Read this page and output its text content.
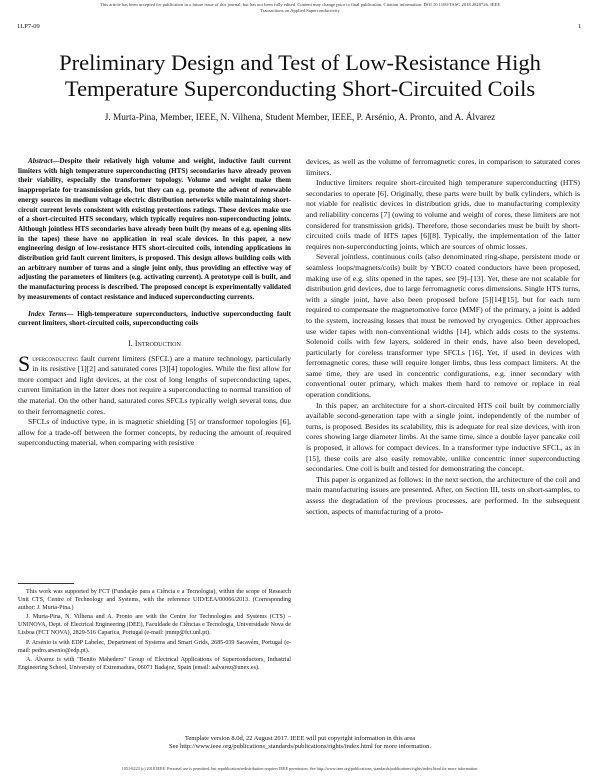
This article has been accepted for publication in a future issue of this journal, but has not been fully edited. Content may change prior to final publication. Citation information: DOI 10.1109/TASC.2018.2820726, IEEE
Transactions on Applied Superconductivity
1LP7-09	1
Preliminary Design and Test of Low-Resistance High
Temperature Superconducting Short-Circuited Coils
J. Murta-Pina, Member, IEEE, N. Vilhena, Student Member, IEEE, P. Arsénio, A. Pronto, and A. Álvarez

Abstract—Despite their relatively high volume and weight, inductive fault current limiters with high temperature superconducting (HTS) secondaries have already proven their viability, especially the transformer topology. Volume and weight make them inappropriate for transmission grids, but they can e.g. promote the advent of renewable energy sources in medium voltage electric distribution networks while maintaining short-circuit current levels consistent with existing protections ratings. These devices make use of a short-circuited HTS secondary, which typically requires non-superconducting joints. Although jointless HTS secondaries have already been built (by means of e.g. opening slits in the tapes) these have no application in real scale devices. In this paper, a new engineering design of low-resistance HTS short-circuited coils, intending applications in distribution grid fault current limiters, is proposed. This design allows building coils with an arbitrary number of turns and a single joint only, thus providing an effective way of adjusting the parameters of limiters (e.g. activating current). A prototype coil is built, and the manufacturing process is described. The proposed concept is experimentally validated by measurements of contact resistance and induced superconducting currents.

Index Terms— High-temperature superconductors, inductive superconducting fault current limiters, short-circuited coils, superconducting coils

I. Introduction

Superconducting fault current limiters (SFCL) are a mature technology, particularly in its resistive [1][2] and saturated cores [3][4] topologies. While the first allow for more compact and light devices, at the cost of long lengths of superconducting tapes, current limitation in the latter does not require a superconducting to normal transition of the material. On the other hand, saturated cores SFCLs typically weigh several tons, due to their ferromagnetic cores.

SFCLs of inductive type, in is magnetic shielding [5] or transformer topologies [6], allow for a trade-off between the former concepts, by reducing the amount of required superconducting material, when comparing with resistive

This work was supported by FCT (Fundação para a Ciência e a Tecnologia), within the scope of Research Unit CTS, Centre of Technology and Systems, with the reference UID/EEA/00066/2013. (Corresponding author: J. Murta-Pina.)

J. Murta-Pina, N. Vilhena and A. Pronto are with the Centre for Technologies and Systems (CTS) – UNINOVA, Dept. of Electrical Engineering (DEE), Faculdade de Ciências e Tecnologia, Universidade Nova de Lisboa (FCT NOVA), 2829-516 Caparica, Portugal (e-mail: jmmp@fct.unl.pt).

P. Arsénio is with EDP Labelec, Department of Systems and Smart Grids, 2685-039 Sacavém, Portugal (e-mail: pedro.arsenio@edp.pt).

A. Álvarez is with "Benito Mahedero" Group of Electrical Applications of Superconductors, Industrial Engineering School, University of Extremadura, 06071 Badajoz, Spain (email: aalvarez@unex.es).

devices, as well as the volume of ferromagnetic cores, in comparison to saturated cores limiters.

Inductive limiters require short-circuited high temperature superconducting (HTS) secondaries to operate [6]. Originally, these parts were built by bulk cylinders, which is not viable for realistic devices in distribution grids, due to manufacturing complexity and reliability concerns [7] (owing to volume and weight of cores, these limiters are not considered for transmission grids). Therefore, those secondaries must be built by short-circuited coils made of HTS tapes [6][8]. Typically, the implementation of the latter requires non-superconducting joints, which are sources of ohmic losses.

Several jointless, continuous coils (also denominated ring-shape, persistent mode or seamless loops/magnets/coils) built by YBCO coated conductors have been proposed, making use of e.g. slits opened in the tapes, see [9]–[13]. Yet, these are not scalable for distribution grid devices, due to large ferromagnetic cores dimensions. Single HTS turns, with a single joint, have also been proposed before [5][14][15], but for each turn required to compensate the magnetomotive force (MMF) of the primary, a joint is added to the system, increasing losses that must be removed by cryogenics. Other approaches use wider tapes with non-conventional widths [14], which adds costs to the systems. Solenoid coils with few layers, soldered in their ends, have also been developed, particularly for coreless transformer type SFCLs [16]. Yet, if used in devices with ferromagnetic cores, these will require longer limbs, thus less compact limiters. At the same time, they are used in concentric configurations, e.g. inner secondary with conventional outer primary, which makes them hard to remove or replace in real operation conditions.

In this paper, an architecture for a short-circuited HTS coil built by commercially available second-generation tape with a single joint, independently of the number of turns, is proposed. Besides its scalability, this is adequate for real size devices, with iron cores showing large diameter limbs. At the same time, since a double layer pancake coil is proposed, it allows for compact devices. In a transformer type inductive SFCL, as in [15], these coils are also easily removable, unlike concentric inner superconducting secondaries. One coil is built and tested for demonstrating the concept.

This paper is organized as follows: in the next section, the architecture of the coil and main manufacturing issues are presented. After, on Section III, tests on short-samples, to assess the degradation of the previous processes, are performed. In the subsequent section, aspects of manufacturing of a proto-

Template version 8.0d, 22 August 2017. IEEE will put copyright information in this area
See http://www.ieee.org/publications_standards/publications/rights/index.html for more information.
1051-8223 (c) 2018 IEEE. Personal use is permitted, but republication/redistribution requires IEEE permission. See http://www.ieee.org/publications_standards/publications/rights/index.html for more information.
